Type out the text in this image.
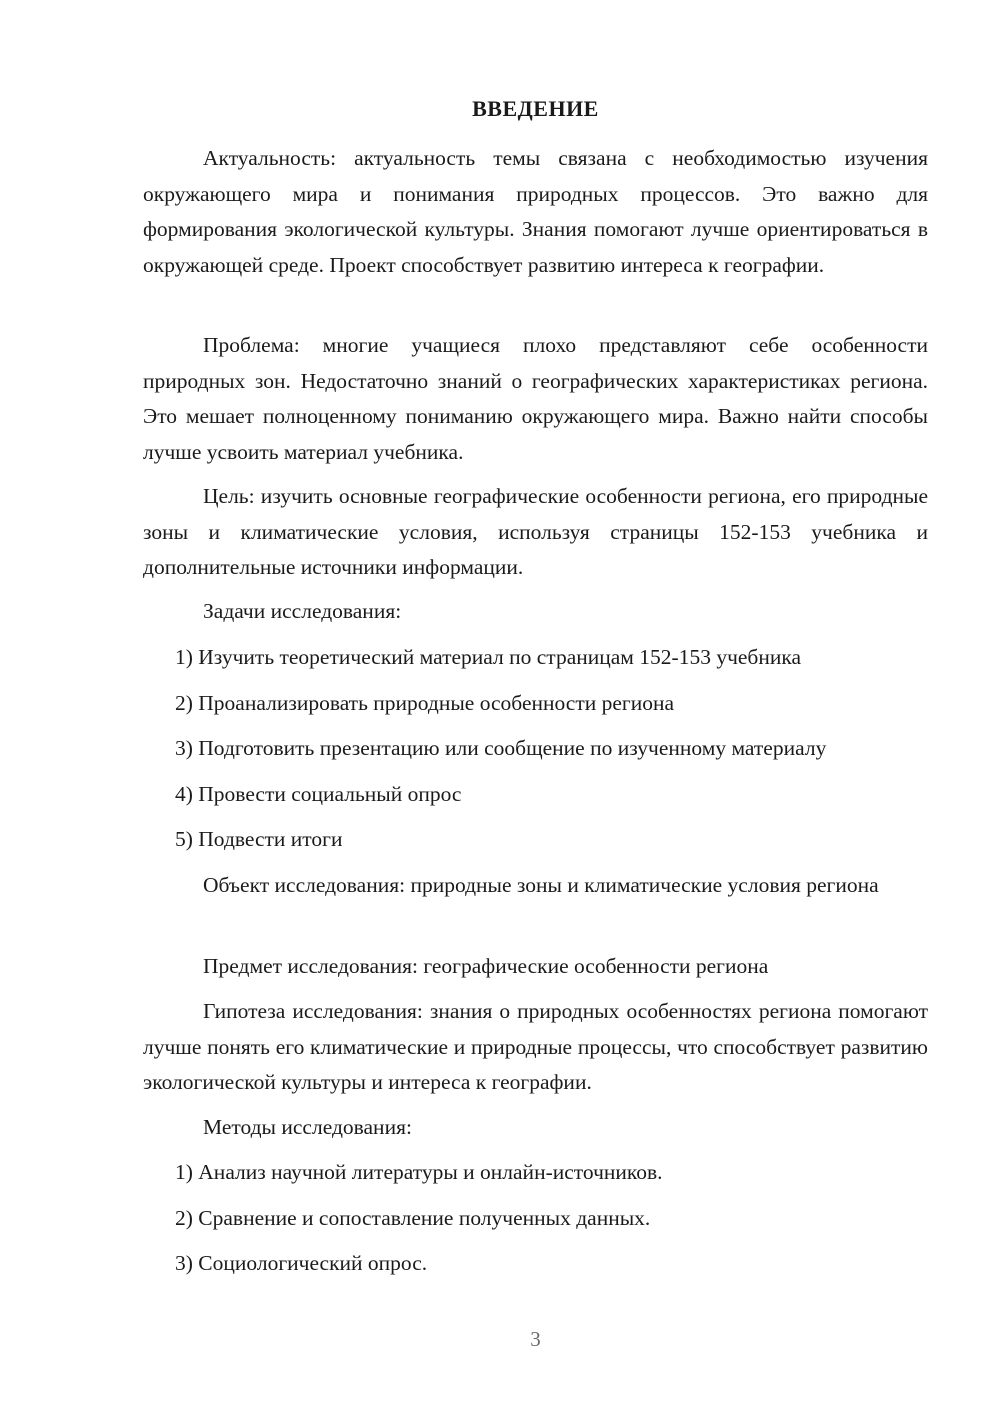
ВВЕДЕНИЕ

Актуальность: актуальность темы связана с необходимостью изучения окружающего мира и понимания природных процессов. Это важно для формирования экологической культуры. Знания помогают лучше ориентироваться в окружающей среде. Проект способствует развитию интереса к географии.

Проблема: многие учащиеся плохо представляют себе особенности природных зон. Недостаточно знаний о географических характеристиках региона. Это мешает полноценному пониманию окружающего мира. Важно найти способы лучше усвоить материал учебника.

Цель: изучить основные географические особенности региона, его природные зоны и климатические условия, используя страницы 152-153 учебника и дополнительные источники информации.

Задачи исследования:
1) Изучить теоретический материал по страницам 152-153 учебника
2) Проанализировать природные особенности региона
3) Подготовить презентацию или сообщение по изученному материалу
4) Провести социальный опрос
5) Подвести итоги

Объект исследования: природные зоны и климатические условия региона

Предмет исследования: географические особенности региона

Гипотеза исследования: знания о природных особенностях региона помогают лучше понять его климатические и природные процессы, что способствует развитию экологической культуры и интереса к географии.

Методы исследования:
1) Анализ научной литературы и онлайн-источников.
2) Сравнение и сопоставление полученных данных.
3) Социологический опрос.
3
